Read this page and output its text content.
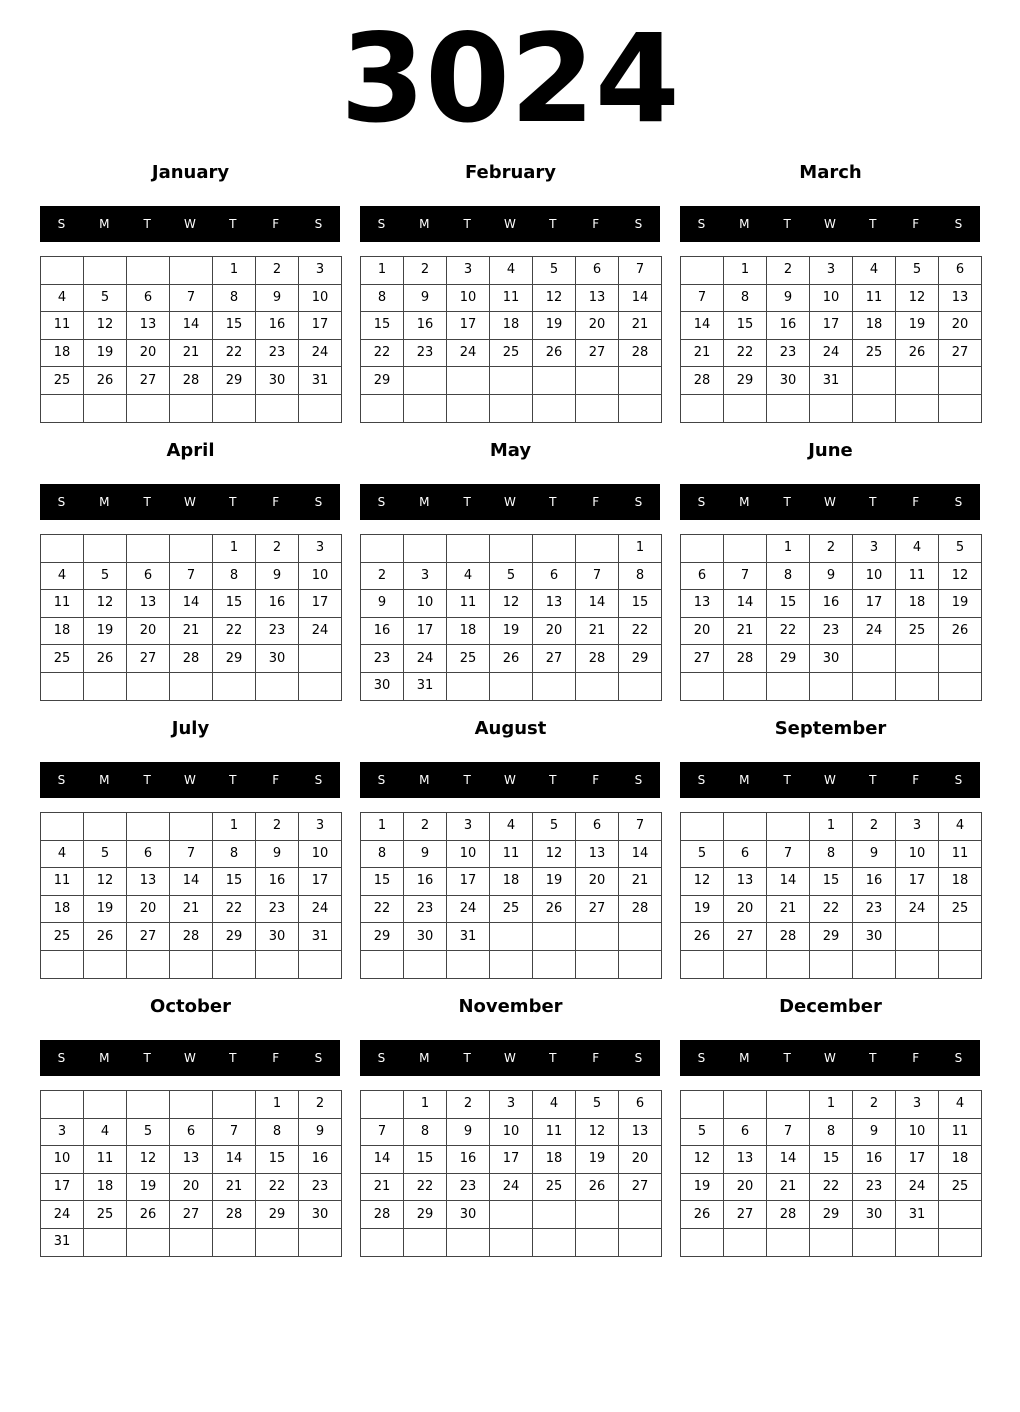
3024
January
S	M	T	W	T	F	S
				1	2	3
4	5	6	7	8	9	10
11	12	13	14	15	16	17
18	19	20	21	22	23	24
25	26	27	28	29	30	31

February
S	M	T	W	T	F	S
1	2	3	4	5	6	7
8	9	10	11	12	13	14
15	16	17	18	19	20	21
22	23	24	25	26	27	28
29						

March
S	M	T	W	T	F	S
	1	2	3	4	5	6
7	8	9	10	11	12	13
14	15	16	17	18	19	20
21	22	23	24	25	26	27
28	29	30	31			

April
S	M	T	W	T	F	S
				1	2	3
4	5	6	7	8	9	10
11	12	13	14	15	16	17
18	19	20	21	22	23	24
25	26	27	28	29	30	

May
S	M	T	W	T	F	S
						1
2	3	4	5	6	7	8
9	10	11	12	13	14	15
16	17	18	19	20	21	22
23	24	25	26	27	28	29
30	31					
June
S	M	T	W	T	F	S
		1	2	3	4	5
6	7	8	9	10	11	12
13	14	15	16	17	18	19
20	21	22	23	24	25	26
27	28	29	30			

July
S	M	T	W	T	F	S
				1	2	3
4	5	6	7	8	9	10
11	12	13	14	15	16	17
18	19	20	21	22	23	24
25	26	27	28	29	30	31

August
S	M	T	W	T	F	S
1	2	3	4	5	6	7
8	9	10	11	12	13	14
15	16	17	18	19	20	21
22	23	24	25	26	27	28
29	30	31				

September
S	M	T	W	T	F	S
			1	2	3	4
5	6	7	8	9	10	11
12	13	14	15	16	17	18
19	20	21	22	23	24	25
26	27	28	29	30		

October
S	M	T	W	T	F	S
					1	2
3	4	5	6	7	8	9
10	11	12	13	14	15	16
17	18	19	20	21	22	23
24	25	26	27	28	29	30
31						
November
S	M	T	W	T	F	S
	1	2	3	4	5	6
7	8	9	10	11	12	13
14	15	16	17	18	19	20
21	22	23	24	25	26	27
28	29	30				

December
S	M	T	W	T	F	S
			1	2	3	4
5	6	7	8	9	10	11
12	13	14	15	16	17	18
19	20	21	22	23	24	25
26	27	28	29	30	31	
